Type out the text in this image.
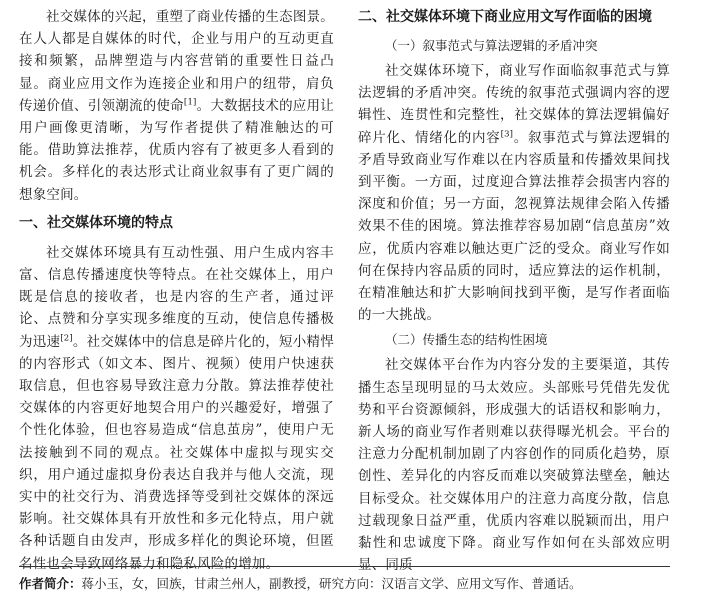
社交媒体的兴起，重塑了商业传播的生态图景。在人人都是自媒体的时代，企业与用户的互动更直接和频繁，品牌塑造与内容营销的重要性日益凸显。商业应用文作为连接企业和用户的纽带，肩负传递价值、引领潮流的使命[1]。大数据技术的应用让用户画像更清晰，为写作者提供了精准触达的可能。借助算法推荐，优质内容有了被更多人看到的机会。多样化的表达形式让商业叙事有了更广阔的想象空间。

一、社交媒体环境的特点

社交媒体环境具有互动性强、用户生成内容丰富、信息传播速度快等特点。在社交媒体上，用户既是信息的接收者，也是内容的生产者，通过评论、点赞和分享实现多维度的互动，使信息传播极为迅速[2]。社交媒体中的信息是碎片化的，短小精悍的内容形式（如文本、图片、视频）使用户快速获取信息，但也容易导致注意力分散。算法推荐使社交媒体的内容更好地契合用户的兴趣爱好，增强了个性化体验，但也容易造成“信息茧房”，使用户无法接触到不同的观点。社交媒体中虚拟与现实交织，用户通过虚拟身份表达自我并与他人交流，现实中的社交行为、消费选择等受到社交媒体的深远影响。社交媒体具有开放性和多元化特点，用户就各种话题自由发声，形成多样化的舆论环境，但匿名性也会导致网络暴力和隐私风险的增加。

二、社交媒体环境下商业应用文写作面临的困境
（一）叙事范式与算法逻辑的矛盾冲突

社交媒体环境下，商业写作面临叙事范式与算法逻辑的矛盾冲突。传统的叙事范式强调内容的逻辑性、连贯性和完整性，社交媒体的算法逻辑偏好碎片化、情绪化的内容[3]。叙事范式与算法逻辑的矛盾导致商业写作难以在内容质量和传播效果间找到平衡。一方面，过度迎合算法推荐会损害内容的深度和价值；另一方面，忽视算法规律会陷入传播效果不佳的困境。算法推荐容易加剧“信息茧房”效应，优质内容难以触达更广泛的受众。商业写作如何在保持内容品质的同时，适应算法的运作机制，在精准触达和扩大影响间找到平衡，是写作者面临的一大挑战。

（二）传播生态的结构性困境

社交媒体平台作为内容分发的主要渠道，其传播生态呈现明显的马太效应。头部账号凭借先发优势和平台资源倾斜，形成强大的话语权和影响力，新人场的商业写作者则难以获得曝光机会。平台的注意力分配机制加剧了内容创作的同质化趋势，原创性、差异化的内容反而难以突破算法壁垒，触达目标受众。社交媒体用户的注意力高度分散，信息过载现象日益严重，优质内容难以脱颖而出，用户黏性和忠诚度下降。商业写作如何在头部效应明显、同质

作者简介：蒋小玉，女，回族，甘肃兰州人，副教授，研究方向：汉语言文学、应用文写作、普通话。
